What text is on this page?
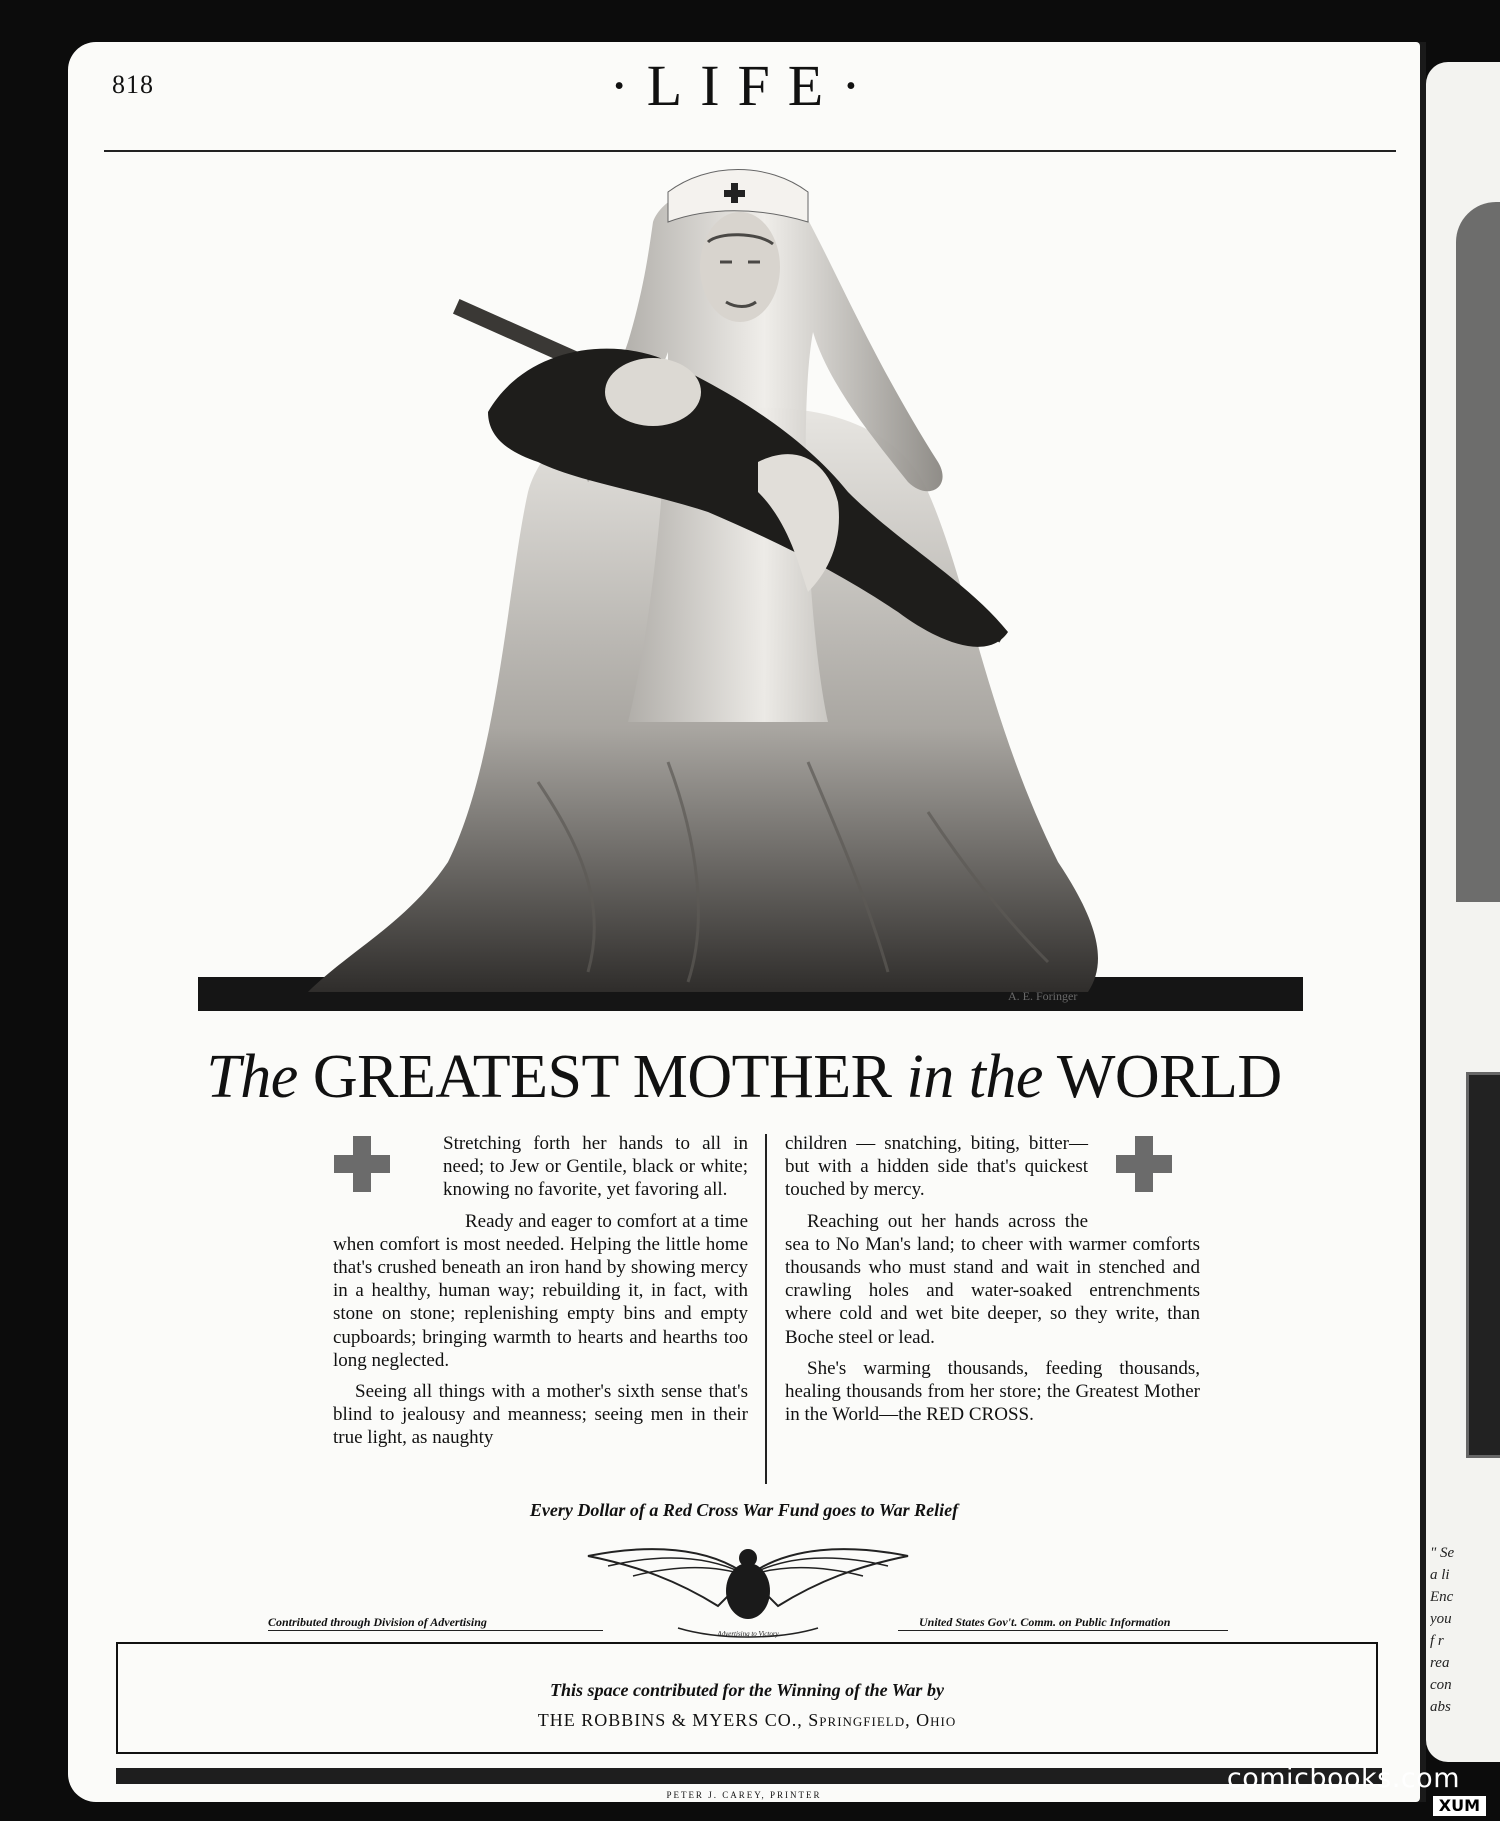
" Se
a li
Enc
you
f r
rea
con
abs
818	·LIFE·
A. E. Foringer
The GREATEST MOTHER in the WORLD

Stretching forth her hands to all in need; to Jew or Gentile, black or white; knowing no favorite, yet favoring all.

Ready and eager to comfort at a time when comfort is most needed. Helping the little home that's crushed beneath an iron hand by showing mercy in a healthy, human way; rebuilding it, in fact, with stone on stone; replenishing empty bins and empty cupboards; bringing warmth to hearts and hearths too long neglected.

Seeing all things with a mother's sixth sense that's blind to jealousy and meanness; seeing men in their true light, as naughty

children — snatching, biting, bitter—but with a hidden side that's quickest touched by mercy.

Reaching out her hands across the sea to No Man's land; to cheer with warmer comforts thousands who must stand and wait in stenched and crawling holes and water-soaked entrenchments where cold and wet bite deeper, so they write, than Boche steel or lead.

She's warming thousands, feeding thousands, healing thousands from her store; the Greatest Mother in the World—the RED CROSS.

Every Dollar of a Red Cross War Fund goes to War Relief
Advertising to Victory
Contributed through Division of Advertising	United States Gov't. Comm. on Public Information
This space contributed for the Winning of the War by
THE ROBBINS & MYERS CO., Springfield, Ohio
PETER J. CAREY, PRINTER
comicbooks.com
XUM
